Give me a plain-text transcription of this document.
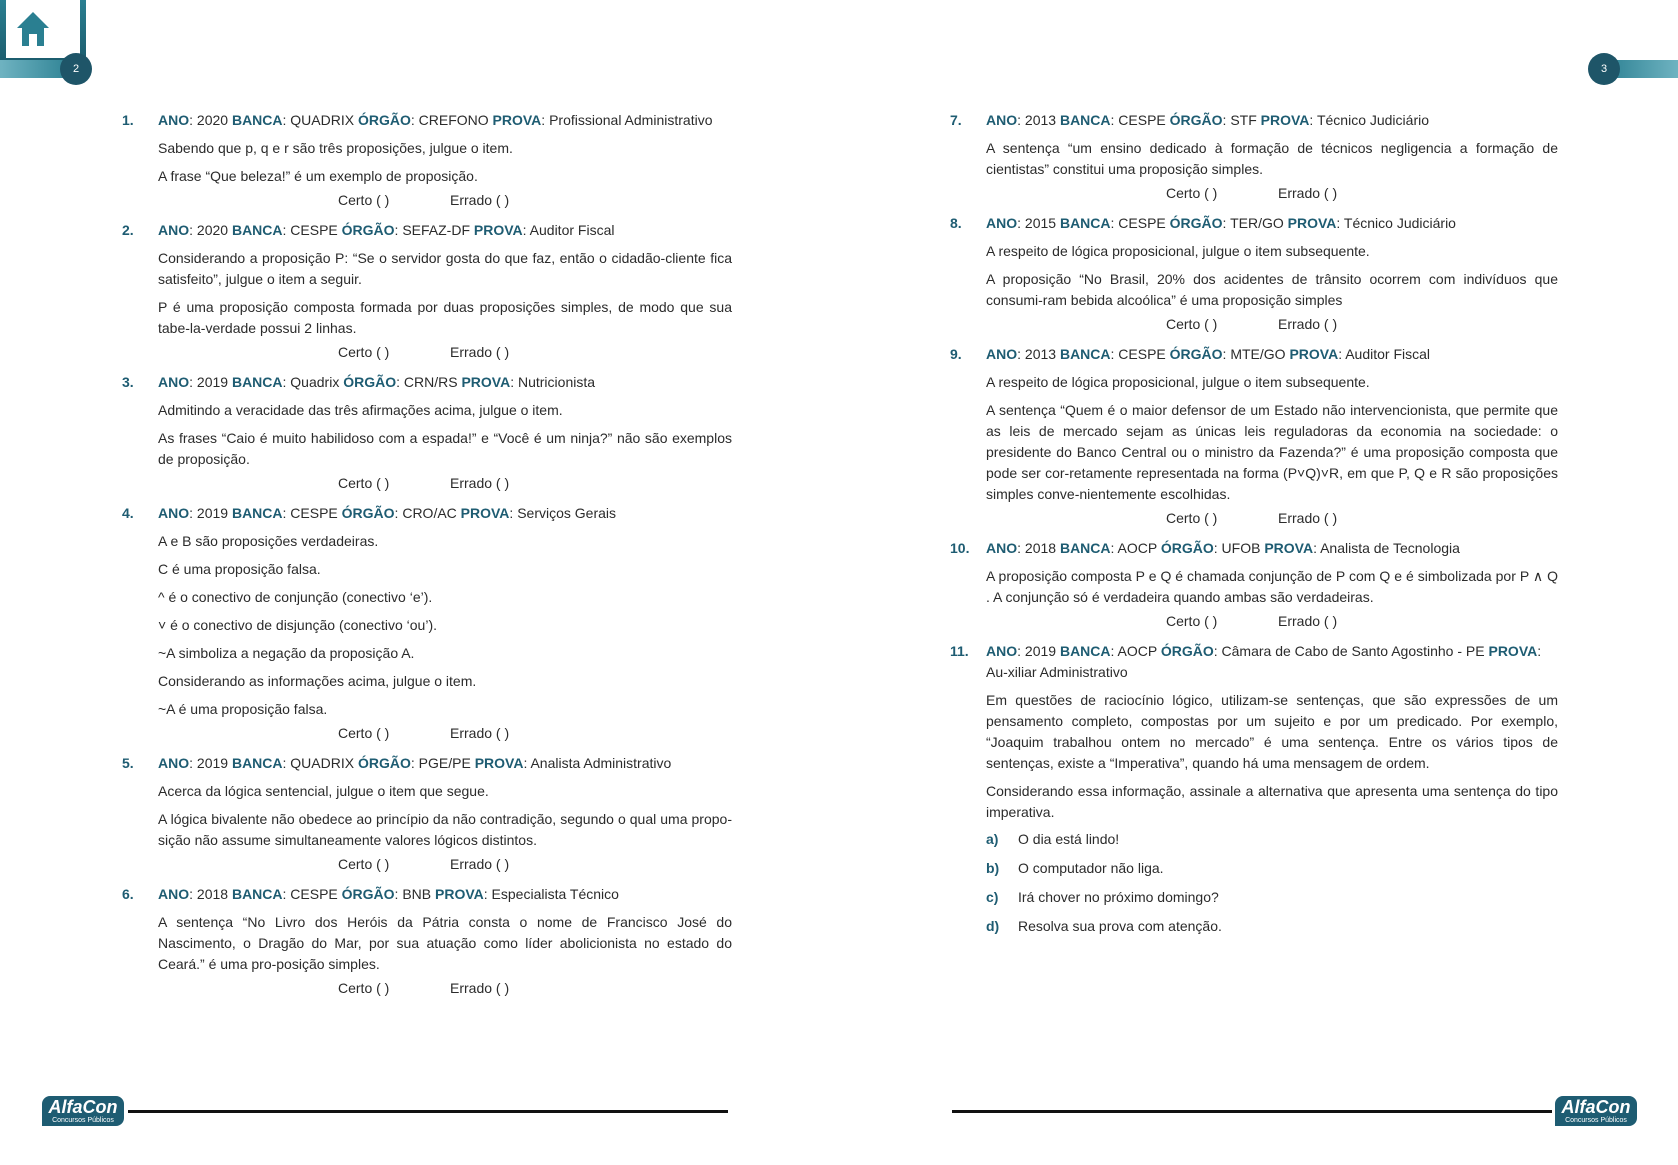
2	3
1. ANO: 2020 BANCA: QUADRIX ÓRGÃO: CREFONO PROVA: Profissional Administrativo
Sabendo que p, q e r são três proposições, julgue o item.
A frase “Que beleza!” é um exemplo de proposição.
Certo ( )	Errado ( )
2. ANO: 2020 BANCA: CESPE ÓRGÃO: SEFAZ-DF PROVA: Auditor Fiscal
Considerando a proposição P: “Se o servidor gosta do que faz, então o cidadão-cliente fica satisfeito”, julgue o item a seguir.
P é uma proposição composta formada por duas proposições simples, de modo que sua tabe-la-verdade possui 2 linhas.
Certo ( )	Errado ( )
3. ANO: 2019 BANCA: Quadrix ÓRGÃO: CRN/RS PROVA: Nutricionista
Admitindo a veracidade das três afirmações acima, julgue o item.
As frases “Caio é muito habilidoso com a espada!” e “Você é um ninja?” não são exemplos de proposição.
Certo ( )	Errado ( )
4. ANO: 2019 BANCA: CESPE ÓRGÃO: CRO/AC PROVA: Serviços Gerais
A e B são proposições verdadeiras.
C é uma proposição falsa.
^ é o conectivo de conjunção (conectivo ‘e’).
˅ é o conectivo de disjunção (conectivo ‘ou’).
~A simboliza a negação da proposição A.
Considerando as informações acima, julgue o item.
~A é uma proposição falsa.
Certo ( )	Errado ( )
5. ANO: 2019 BANCA: QUADRIX ÓRGÃO: PGE/PE PROVA: Analista Administrativo
Acerca da lógica sentencial, julgue o item que segue.
A lógica bivalente não obedece ao princípio da não contradição, segundo o qual uma propo-sição não assume simultaneamente valores lógicos distintos.
Certo ( )	Errado ( )
6. ANO: 2018 BANCA: CESPE ÓRGÃO: BNB PROVA: Especialista Técnico
A sentença “No Livro dos Heróis da Pátria consta o nome de Francisco José do Nascimento, o Dragão do Mar, por sua atuação como líder abolicionista no estado do Ceará.” é uma pro-posição simples.
Certo ( )	Errado ( )
7. ANO: 2013 BANCA: CESPE ÓRGÃO: STF PROVA: Técnico Judiciário
A sentença “um ensino dedicado à formação de técnicos negligencia a formação de cientistas” constitui uma proposição simples.
Certo ( )	Errado ( )
8. ANO: 2015 BANCA: CESPE ÓRGÃO: TER/GO PROVA: Técnico Judiciário
A respeito de lógica proposicional, julgue o item subsequente.
A proposição “No Brasil, 20% dos acidentes de trânsito ocorrem com indivíduos que consumi-ram bebida alcoólica” é uma proposição simples
Certo ( )	Errado ( )
9. ANO: 2013 BANCA: CESPE ÓRGÃO: MTE/GO PROVA: Auditor Fiscal
A respeito de lógica proposicional, julgue o item subsequente.
A sentença “Quem é o maior defensor de um Estado não intervencionista, que permite que as leis de mercado sejam as únicas leis reguladoras da economia na sociedade: o presidente do Banco Central ou o ministro da Fazenda?” é uma proposição composta que pode ser cor-retamente representada na forma (P˅Q)˅R, em que P, Q e R são proposições simples conve-nientemente escolhidas.
Certo ( )	Errado ( )
10. ANO: 2018 BANCA: AOCP ÓRGÃO: UFOB PROVA: Analista de Tecnologia
A proposição composta P e Q é chamada conjunção de P com Q e é simbolizada por P ∧ Q . A conjunção só é verdadeira quando ambas são verdadeiras.
Certo ( )	Errado ( )
11. ANO: 2019 BANCA: AOCP ÓRGÃO: Câmara de Cabo de Santo Agostinho - PE PROVA: Au-xiliar Administrativo
Em questões de raciocínio lógico, utilizam-se sentenças, que são expressões de um pensamento completo, compostas por um sujeito e por um predicado. Por exemplo, “Joaquim trabalhou ontem no mercado” é uma sentença. Entre os vários tipos de sentenças, existe a “Imperativa”, quando há uma mensagem de ordem.
Considerando essa informação, assinale a alternativa que apresenta uma sentença do tipo imperativa.
a) O dia está lindo!
b) O computador não liga.
c) Irá chover no próximo domingo?
d) Resolva sua prova com atenção.
AlfaCon
Concursos Públicos
AlfaCon
Concursos Públicos
